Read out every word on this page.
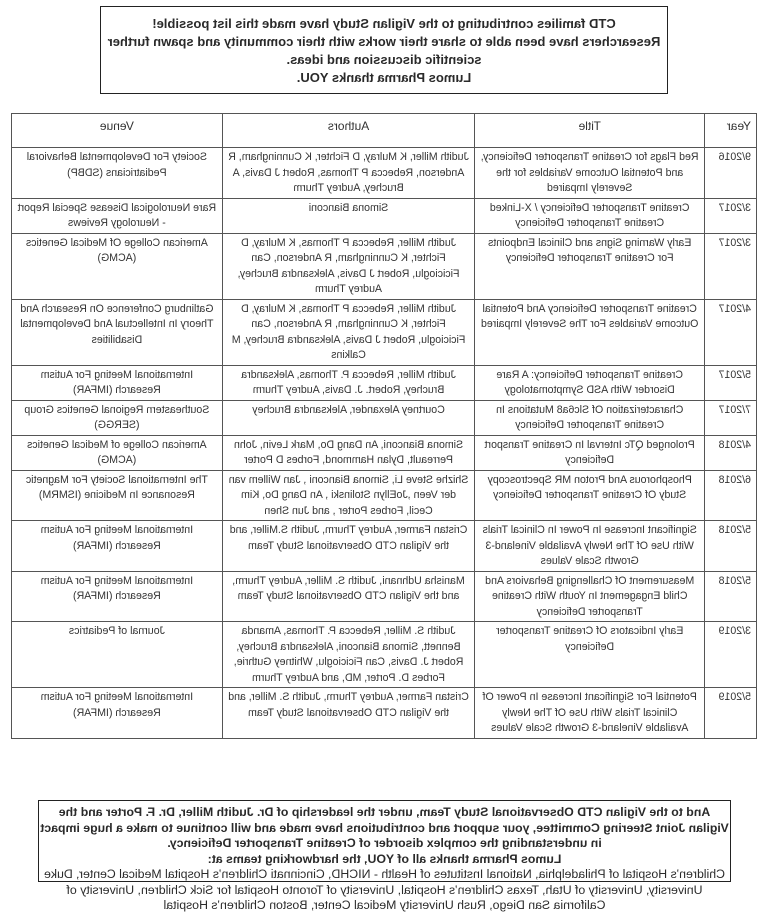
CTD families contributing to the Vigilan Study have made this list possible!
Researchers have been able to share their works with their community and spawn further scientific discussion and ideas.
Lumos Pharma thanks YOU.
Year	Title	Authors	Venue
9/2016	Red Flags for Creatine Transporter Deficiency, and Potential Outcome Variables for the Severely Impaired	Judith Miller, K Mulray, D Fichter, K Cunningham, R Anderson, Rebecca P Thomas, Robert J Davis, A Bruchey, Audrey Thurm	Society For Developmental Behavioral Pediatricians (SDBP)
3/2017	Creatine Transporter Deficiency / X-Linked Creatine Transporter Deficiency	Simona Bianconi	Rare Neurological Disease Special Report - Neurology Reviews
3/2017	Early Warning Signs and Clinical Endpoints For Creatine Transporter Deficiency	Judith Miller, Rebecca P Thomas, K Mulray, D Fichter, K Cunningham, R Anderson, Can Ficicioglu, Robert J Davis, Aleksandra Bruchey, Audrey Thurm	American College Of Medical Genetics (ACMG)
4/2017	Creatine Transporter Deficiency And Potential Outcome Variables For The Severely Impaired	Judith Miller, Rebecca P Thomas, K Mulray, D Fichter, K Cunningham, R Anderson, Can Ficicioglu, Robert J Davis, Aleksandra Bruchey, M Calkins	Gatlinburg Conference On Research And Theory In Intellectual And Developmental Disabilities
5/2017	Creatine Transporter Deficiency: A Rare Disorder With ASD Symptomatology	Judith Miller, Rebecca P. Thomas, Aleksandra Bruchey, Robert. J. Davis, Audrey Thurm	International Meeting For Autism Research (IMFAR)
7/2017	Characterization Of Slc6a8 Mutations In Creatine Transporter Deficiency	Courtney Alexander, Aleksandra Bruchey	Southeastern Regional Genetics Group (SERGG)
4/2018	Prolonged QTc Interval In Creatine Transport Deficiency	Simona Bianconi, An Dang Do, Mark Levin, John Perreault, Dylan Hammond, Forbes D Porter	American College of Medical Genetics (ACMG)
6/2018	Phosphorous And Proton MR Spectroscopy Study Of Creatine Transporter Deficiency	Shizhe Steve Li, Simona Bianconi , Jan Willem van der Veen ,JoEllyn Stolinski , An Dang Do, Kim Cecil, Forbes Porter , and Jun Shen	The International Society For Magnetic Resonance In Medicine (ISMRM)
5/2018	Significant Increase In Power In Clinical Trials With Use Of The Newly Available Vineland-3 Growth Scale Values	Cristan Farmer, Audrey Thurm, Judith S.Miller, and the Vigilan CTD Observational Study Team	International Meeting For Autism Research (IMFAR)
5/2018	Measurement Of Challenging Behaviors And Child Engagement In Youth With Creatine Transporter Deficiency	Manisha Udhnani, Judith S. Miller, Audrey Thurm, and the Vigilan CTD Observational Study Team	International Meeting For Autism Research (IMFAR)
3/2019	Early Indicators Of Creatine Transporter Deficiency	Judith S. Miller, Rebecca P. Thomas, Amanda Bennett, Simona Bianconi, Aleksandra Bruchey, Robert J. Davis, Can Ficicioglu, Whitney Guthrie, Forbes D. Porter, MD, and Audrey Thurm	Journal of Pediatrics
5/2019	Potential For Significant Increase In Power Of Clinical Trials With Use Of The Newly Available Vineland-3 Growth Scale Values	Cristan Farmer, Audrey Thurm, Judith S. Miller, and the Vigilan CTD Observational Study Team	International Meeting For Autism Research (IMFAR)
And to the Vigilan CTD Observational Study Team, under the leadership of Dr. Judith Miller, Dr. F. Porter and the Vigilan Joint Steering Committee, your support and contributions have made and will continue to make a huge impact in understanding the complex disorder of Creatine Transporter Deficiency.
Lumos Pharma thanks all of YOU, the hardworking teams at:
Children’s Hospital of Philadelphia, National Institutes of Health - NICHD, Cincinnati Children’s Hospital Medical Center, Duke University, University of Utah, Texas Children’s Hospital, University of Toronto Hospital for Sick Children, University of California San Diego, Rush University Medical Center, Boston Children’s Hospital
